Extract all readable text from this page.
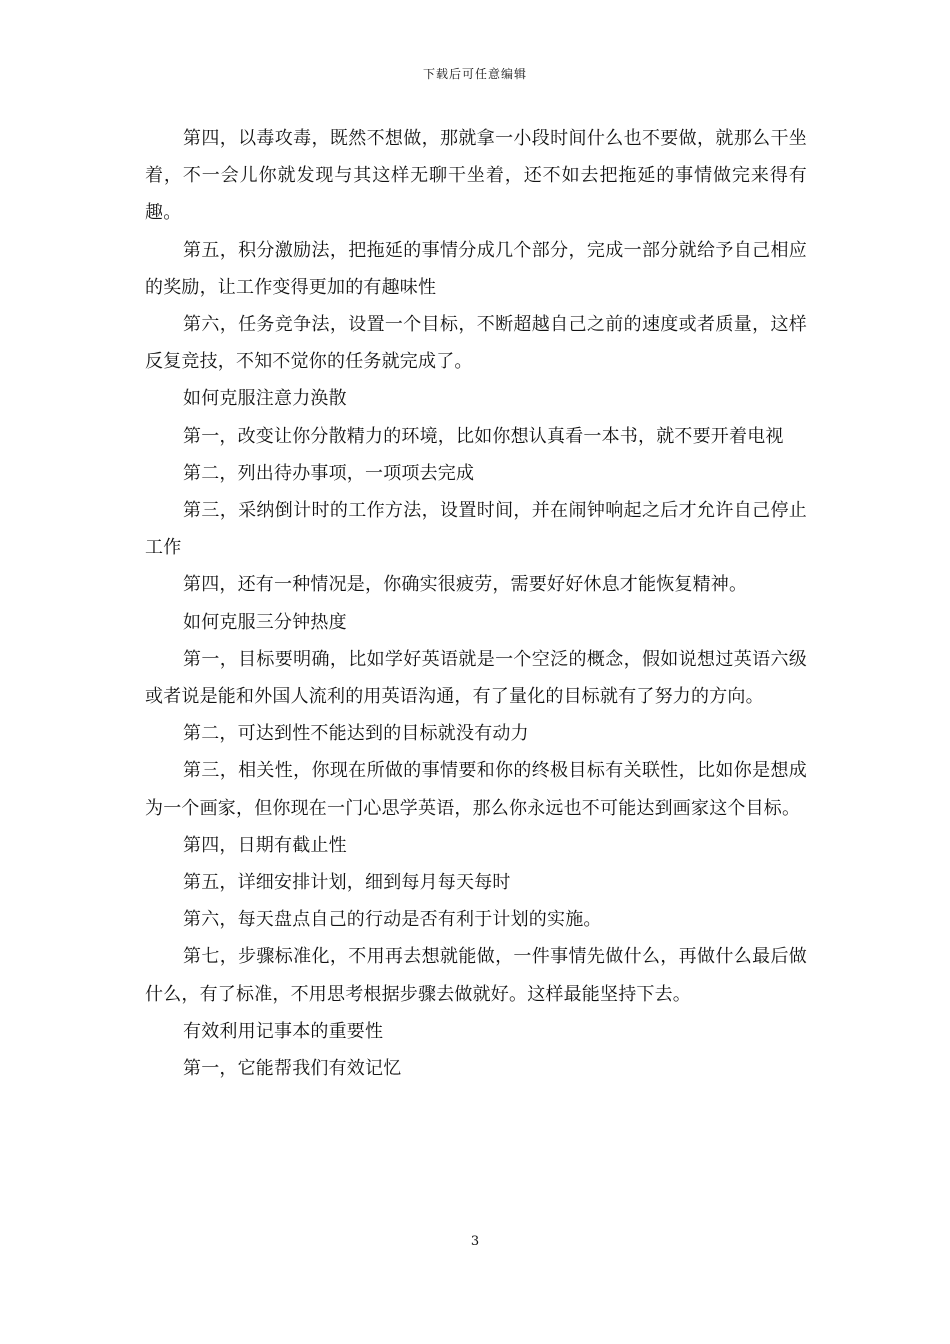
下载后可任意编辑

第四，以毒攻毒，既然不想做，那就拿一小段时间什么也不要做，就那么干坐着，不一会儿你就发现与其这样无聊干坐着，还不如去把拖延的事情做完来得有趣。

第五，积分激励法，把拖延的事情分成几个部分，完成一部分就给予自己相应的奖励，让工作变得更加的有趣味性

第六，任务竞争法，设置一个目标，不断超越自己之前的速度或者质量，这样反复竞技，不知不觉你的任务就完成了。

如何克服注意力涣散

第一，改变让你分散精力的环境，比如你想认真看一本书，就不要开着电视

第二，列出待办事项，一项项去完成

第三，采纳倒计时的工作方法，设置时间，并在闹钟响起之后才允许自己停止工作

第四，还有一种情况是，你确实很疲劳，需要好好休息才能恢复精神。

如何克服三分钟热度

第一，目标要明确，比如学好英语就是一个空泛的概念，假如说想过英语六级或者说是能和外国人流利的用英语沟通，有了量化的目标就有了努力的方向。

第二，可达到性不能达到的目标就没有动力

第三，相关性，你现在所做的事情要和你的终极目标有关联性，比如你是想成为一个画家，但你现在一门心思学英语，那么你永远也不可能达到画家这个目标。

第四，日期有截止性

第五，详细安排计划，细到每月每天每时

第六，每天盘点自己的行动是否有利于计划的实施。

第七，步骤标准化，不用再去想就能做，一件事情先做什么，再做什么最后做什么，有了标准，不用思考根据步骤去做就好。这样最能坚持下去。

有效利用记事本的重要性

第一，它能帮我们有效记忆

3
